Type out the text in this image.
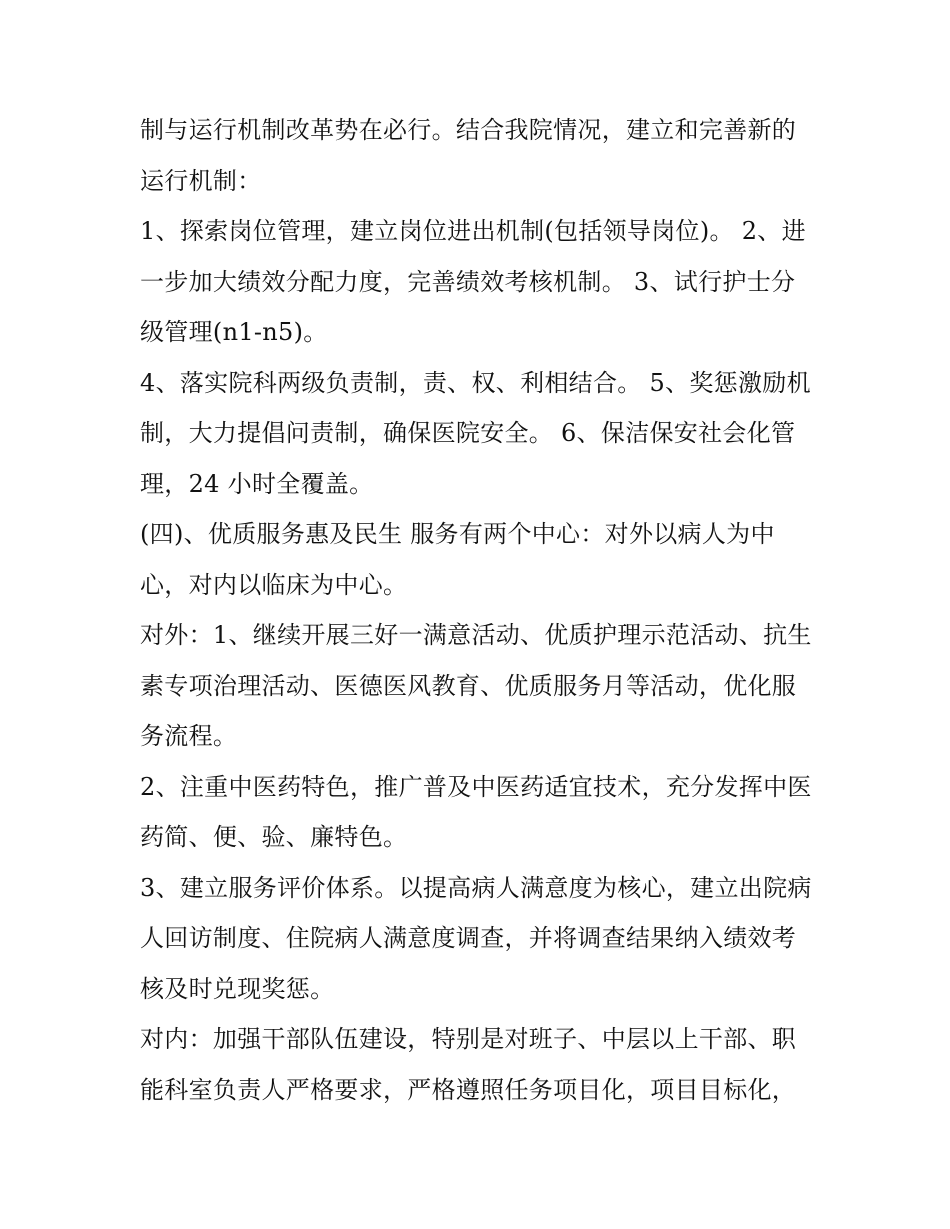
制与运行机制改革势在必行。结合我院情况，建立和完善新的运行机制：

1、探索岗位管理，建立岗位进出机制(包括领导岗位)。 2、进一步加大绩效分配力度，完善绩效考核机制。 3、试行护士分级管理(n1-n5)。

4、落实院科两级负责制，责、权、利相结合。 5、奖惩激励机制，大力提倡问责制，确保医院安全。 6、保洁保安社会化管理，24 小时全覆盖。

(四)、优质服务惠及民生 服务有两个中心：对外以病人为中心，对内以临床为中心。

对外：1、继续开展三好一满意活动、优质护理示范活动、抗生素专项治理活动、医德医风教育、优质服务月等活动，优化服务流程。

2、注重中医药特色，推广普及中医药适宜技术，充分发挥中医药简、便、验、廉特色。

3、建立服务评价体系。以提高病人满意度为核心，建立出院病人回访制度、住院病人满意度调查，并将调查结果纳入绩效考核及时兑现奖惩。

对内：加强干部队伍建设，特别是对班子、中层以上干部、职能科室负责人严格要求，严格遵照任务项目化，项目目标化，
